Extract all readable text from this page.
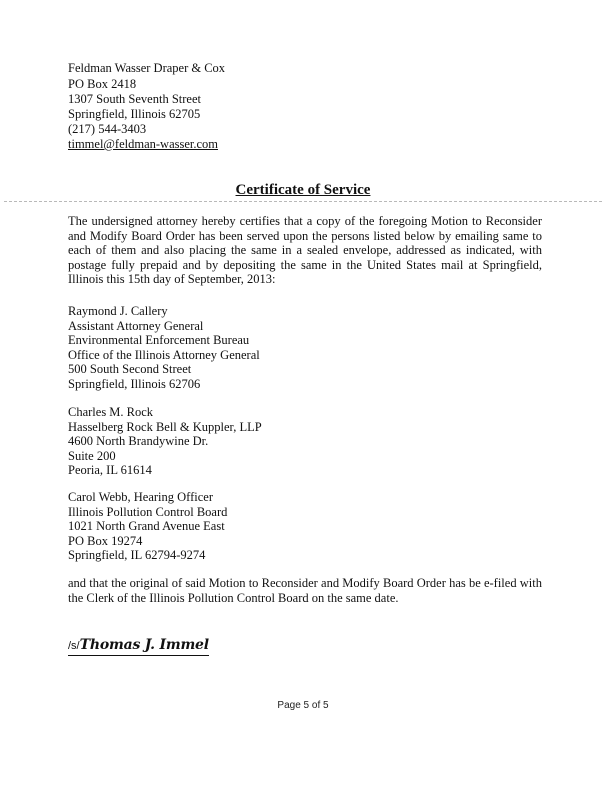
Feldman Wasser Draper & Cox
PO Box 2418
1307 South Seventh Street
Springfield, Illinois 62705
(217) 544-3403
timmel@feldman-wasser.com
Certificate of Service
The undersigned attorney hereby certifies that a copy of the foregoing Motion to Reconsider and Modify Board Order has been served upon the persons listed below by emailing same to each of them and also placing the same in a sealed envelope, addressed as indicated, with postage fully prepaid and by depositing the same in the United States mail at Springfield, Illinois this 15th day of September, 2013:
Raymond J. Callery
Assistant Attorney General
Environmental Enforcement Bureau
Office of the Illinois Attorney General
500 South Second Street
Springfield, Illinois 62706
Charles M. Rock
Hasselberg Rock Bell & Kuppler, LLP
4600 North Brandywine Dr.
Suite 200
Peoria, IL 61614
Carol Webb, Hearing Officer
Illinois Pollution Control Board
1021 North Grand Avenue East
PO Box 19274
Springfield, IL 62794-9274
and that the original of said Motion to Reconsider and Modify Board Order has be e-filed with the Clerk of the Illinois Pollution Control Board on the same date.
/s/Thomas J. Immel
Page 5 of 5
